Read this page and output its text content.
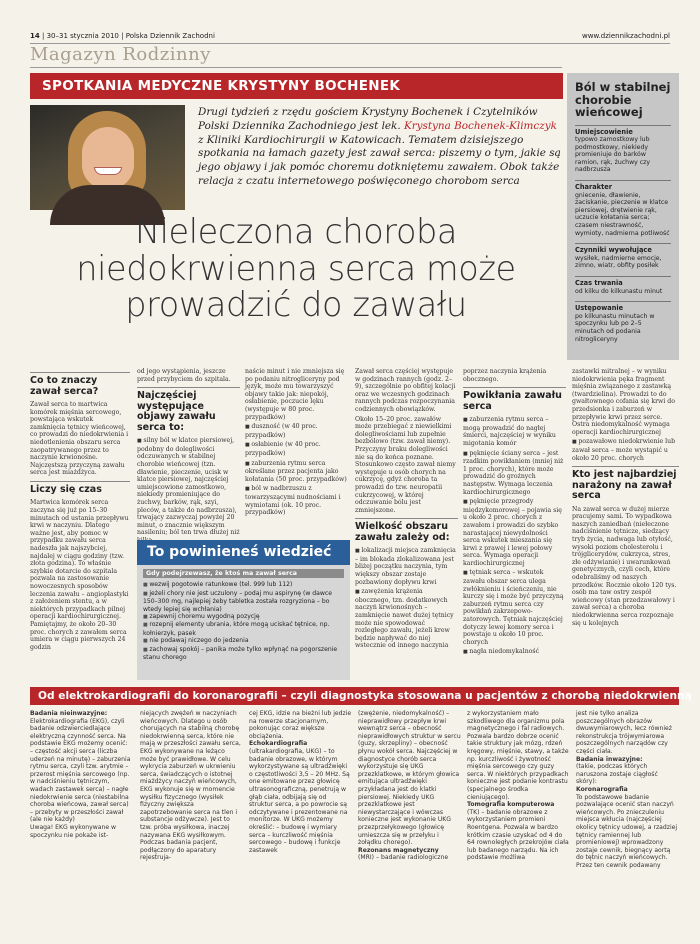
14 | 30–31 stycznia 2010 | Polska Dziennik Zachodni	www.dziennikzachodni.pl
Magazyn Rodzinny
SPOTKANIA MEDYCZNE KRYSTYNY BOCHENEK
Drugi tydzień z rzędu gościem Krystyny Bochenek i Czytelników Polski Dziennika Zachodniego jest lek. Krystyna Bochenek-Klimczyk z Kliniki Kardiochirurgii w Katowicach. Tematem dzisiejszego spotkania na łamach gazety jest zawał serca: piszemy o tym, jakie są jego objawy i jak pomóc choremu dotkniętemu zawałem. Obok także relacja z czatu internetowego poświęconego chorobom serca
Nieleczona choroba niedokrwienna serca może prowadzić do zawału
Ból w stabilnej chorobie wieńcowej
Umiejscowienie
typowo zamostkowy lub podmostkowy, niekiedy promieniuje do barków ramion, rąk, żuchwy czy nadbrzusza
Charakter
gniecenie, dławienie, zaciskanie, pieczenie w klatce piersiowej, drętwienie rąk, uczucie kołatania serca; czasem niestrawność, wymioty, nadmierna potliwość
Czynniki wywołujące
wysiłek, nadmierne emocje, zimno, wiatr, obfity posiłek
Czas trwania
od kilku do kilkunastu minut
Ustępowanie
po kilkunastu minutach w spoczynku lub po 2–5 minutach od podania nitrogliceryny
Co to znaczy zawał serca?

Zawał serca to martwica komórek mięśnia sercowego, powstająca wskutek zamknięcia tętnicy wieńcowej, co prowadzi do niedokrwienia i niedotlenienia obszaru serca zaopatrywanego przez to naczynie krwionośne. Najczęstszą przyczyną zawału serca jest miażdżyca.

Liczy się czas

Martwica komórek serca zaczyna się już po 15–30 minutach od ustania przepływu krwi w naczyniu. Dlatego ważne jest, aby pomoc w przypadku zawału serca nadeszła jak najszybciej, najdalej w ciągu godziny (tzw. złota godzina). To właśnie szybkie dotarcie do szpitala pozwala na zastosowanie nowoczesnych sposobów leczenia zawału – angioplastyki z założeniem stentu, a w niektórych przypadkach pilnej operacji kardiochirurgicznej. Pamiętajmy, że około 20–30 proc. chorych z zawałem serca umiera w ciągu pierwszych 24 godzin

od jego wystąpienia, jeszcze przed przybyciem do szpitala.

Najczęściej występujące objawy zawału serca to:

■ silny ból w klatce piersiowej, podobny do dolegliwości odczuwanych w stabilnej chorobie wieńcowej (tzn. dławienie, pieczenie, ucisk w klatce piersiowej, najczęściej umiejscowione zamostkowo, niekiedy promieniujące do żuchwy, barków, rąk, szyi, pleców, a także do nadbrzusza), trwający zazwyczaj powyżej 20 minut, o znacznie większym nasileniu; ból ten trwa dłużej niż

naście minut i nie zmniejsza się po podaniu nitrogliceryny pod język, może mu towarzyszyć objawy takie jak: niepokój, osłabienie, poczucie lęku (występuje w 80 proc. przypadków)

■ duszność (w 40 proc. przypadków)

■ osłabienie (w 40 proc. przypadków)

■ zaburzenia rytmu serca określane przez pacjenta jako kołatania (50 proc. przypadków)

■ ból w nadbrzuszu z towarzyszącymi nudnościami i wymiotami (ok. 10 proc. przypadków)

Zawał serca częściej występuje w godzinach rannych (godz. 2–9), szczególnie po obfitej kolacji oraz we wczesnych godzinach rannych podczas rozpoczynania codziennych obowiązków.

Około 15–20 proc. zawałów może przebiegać z niewielkimi dolegliwościami lub zupełnie bezbólowo (tzw. zawał niemy). Przyczyny braku dolegliwości nie są do końca poznane. Stosunkowo często zawał niemy występuje u osób chorych na cukrzycę, gdyż choroba ta prowadzi do tzw. neuropatii cukrzycowej, w której odczuwanie bólu jest zmniejszone.

Wielkość obszaru zawału zależy od:

■ lokalizacji miejsca zamknięcia – im blokada zlokalizowana jest bliżej początku naczynia, tym większy obszar zostaje pozbawiony dopływu krwi

■ zawężenia krążenia obocznego, tzn. dodatkowych naczyń krwionośnych – zamknięcie nawet dużej tętnicy może nie spowodować rozległego zawału, jeżeli krew będzie napływać do niej wstecznie od innego naczynia

poprzez naczynia krążenia obocznego.

Powikłania zawału serca

■ zaburzenia rytmu serca – mogą prowadzić do nagłej śmierci, najczęściej w wyniku migotania komór

■ pęknięcie ściany serca – jest rzadkim powikłaniem (mniej niż 1 proc. chorych), które może prowadzić do groźnych następstw. Wymaga leczenia kardiochirurgicznego

■ pęknięcie przegrody międzykomorowej – pojawia się u około 2 proc. chorych z zawałem i prowadzi do szybko narastającej niewydolności serca wskutek mieszania się krwi z prawej i lewej połowy serca. Wymaga operacji kardiochirurgicznej

■ tętniak serca – wskutek zawału obszar serca ulega zwłóknieniu i ścieńczeniu, nie kurczy się i może być przyczyną zaburzeń rytmu serca czy powikłań zakrzepowo-zatorowych. Tętniak najczęściej dotyczy lewej komory serca i powstaje u około 10 proc. chorych

■ nagła niedomykalność

zastawki mitralnej – w wyniku niedokrwienia pęka fragment mięśnia związanego z zastawką (twardzielina). Prowadzi to do gwałtownego cofania się krwi do przedsionka i zaburzeń w przepływie krwi przez serce. Ostra niedomykalność wymaga operacji kardiochirurgicznej

■ pozawałowe niedokrwienie lub zawał serca – może wystąpić u około 20 proc. chorych

Kto jest najbardziej narażony na zawał serca

Na zawał serca w dużej mierze pracujemy sami. To wypadkowa naszych zaniedbań (niełeczone nadciśnienie tętnicze, siedzący tryb życia, nadwaga lub otyłość, wysoki poziom cholesterolu i trójglicerydów, cukrzyca, stres, złe odżywianie) i uwarunkowań genetycznych, czyli cech, które odebraliśmy od naszych przodków. Rocznie około 120 tys. osób ma taw ostry zespół wieńcowy (stan przedzawałowy i zawał serca) a choroba niedokrwienna serca rozpoznaje się u kolejnych

To powinieneś wiedzieć
Gdy podejrzewasz, że ktoś ma zawał serca
■ wezwij pogotowie ratunkowe (tel. 999 lub 112)
■ jeżeli chory nie jest uczulony – podaj mu aspirynę (w dawce 150–300 mg, najlepiej żeby tabletka została rozgryziona – bo wtedy lepiej się wchłania)
■ zapewnij choremu wygodną pozycję
■ rozepnij elementy ubrania, które mogą uciskać tętnice, np. kołnierzyk, pasek
■ nie podawaj niczego do jedzenia
■ zachowaj spokój – panika może tylko wpłynąć na pogorszenie stanu chorego
Od elektrokardiografii do koronarografii – czyli diagnostyka stosowana u pacjentów z chorobą niedokrwienną

Badania nieinwazyjne:

Elektrokardiografia (EKG), czyli badanie odzwierciedlające elektryczną czynność serca. Na podstawie EKG możemy ocenić:

– częstość akcji serca (liczba uderzeń na minutę) – zaburzenia rytmu serca, czyli tzw. arytmie – przerost mięśnia sercowego (np. w nadciśnieniu tętniczym, wadach zastawek serca) – nagłe niedokrwienie serca (niestabilna choroba wieńcowa, zawał serca) – przebyty w przeszłości zawał (ale nie każdy)

Uwaga! EKG wykonywane w spoczynku nie pokaże ist-

niejących zwężeń w naczyniach wieńcowych. Dlatego u osób chorujących na stabilną chorobę niedokrwienną serca, które nie mają w przeszłości zawału serca, EKG wykonywane na leżąco może być prawidłowe. W celu wykrycia zaburzeń w ukrwieniu serca, świadczących o istotnej miażdżycy naczyń wieńcowych, EKG wykonuje się w momencie wysiłku fizycznego (wysiłek fizyczny zwiększa zapotrzebowanie serca na tlen i substancje odżywcze). Jest to tzw. próba wysiłkowa, inaczej nazywana EKG wysiłkowym. Podczas badania pacjent, podłączony do aparatury rejestruja-

cej EKG, idzie na bieżni lub jedzie na rowerze stacjonarnym, pokonując coraz większe obciążenia.

Echokardiografia

(ultrakardiografia, UKG) – to badanie obrazowe, w którym wykorzystywane są ultradźwięki o częstotliwości 3,5 – 20 MHz. Są one emitowane przez głowicę ultrasonograficzną, penetrują w głąb ciała, odbijają się od struktur serca, a po powrocie są odczytywane i prezentowane na monitorze. W UKG możemy określić: – budowę i wymiary serca – kurczliwość mięśnia sercowego – budowę i funkcje zastawek

(zwężenie, niedomykalność) – nieprawidłowy przepływ krwi wewnątrz serca – obecność nieprawidłowych struktur w sercu (guzy, skrzepliny) – obecność płynu wokół serca. Najczęściej w diagnostyce chorób serca wykorzystuje się UKG przezklatkowe, w którym głowica emitująca ultradźwięki przykładana jest do klatki piersiowej. Niekiedy UKG przezklatkowe jest niewystarczające i wówczas konieczne jest wykonanie UKG przezprzełykowego (głowicę umieszcza się w przełyku i żołądku chorego).

Rezonans magnetyczny

(MRI) – badanie radiologiczne

z wykorzystaniem mało szkodliwego dla organizmu pola magnetycznego i fal radiowych. Pozwala bardzo dobrze ocenić takie struktury jak mózg, rdzeń kręgowy, mięśnie, stawy, a także np. kurczliwość i żywotność mięśnia sercowego czy guzy serca. W niektórych przypadkach konieczne jest podanie kontrastu (specjalnego środka cieniującego).

Tomografia komputerowa

(TK) – badanie obrazowe z wykorzystaniem promieni Roentgena. Pozwala w bardzo krótkim czasie uzyskać od 4 do 64 rownoległych przekrojów ciała lub badanego narządu. Na ich podstawie możliwa

jest nie tylko analiza poszczególnych obrazów dwuwymiarowych, lecz również rekonstrukcja trójwymiarowa poszczególnych narządów czy części ciała.

Badania inwazyjne:

(takie, podczas których naruszona zostaje ciągłość skóry):

Koronarografia

To podstawowe badanie pozwalające ocenić stan naczyń wieńcowych. Po znieczuleniu miejsca wkłucia (najczęściej okolicy tętnicy udowej, a rzadziej tętnicy ramiennej lub promieniowej) wprowadzony zostaje cewnik, biegnący aortą do tętnic naczyń wieńcowych. Przez ten cewnik podawany
